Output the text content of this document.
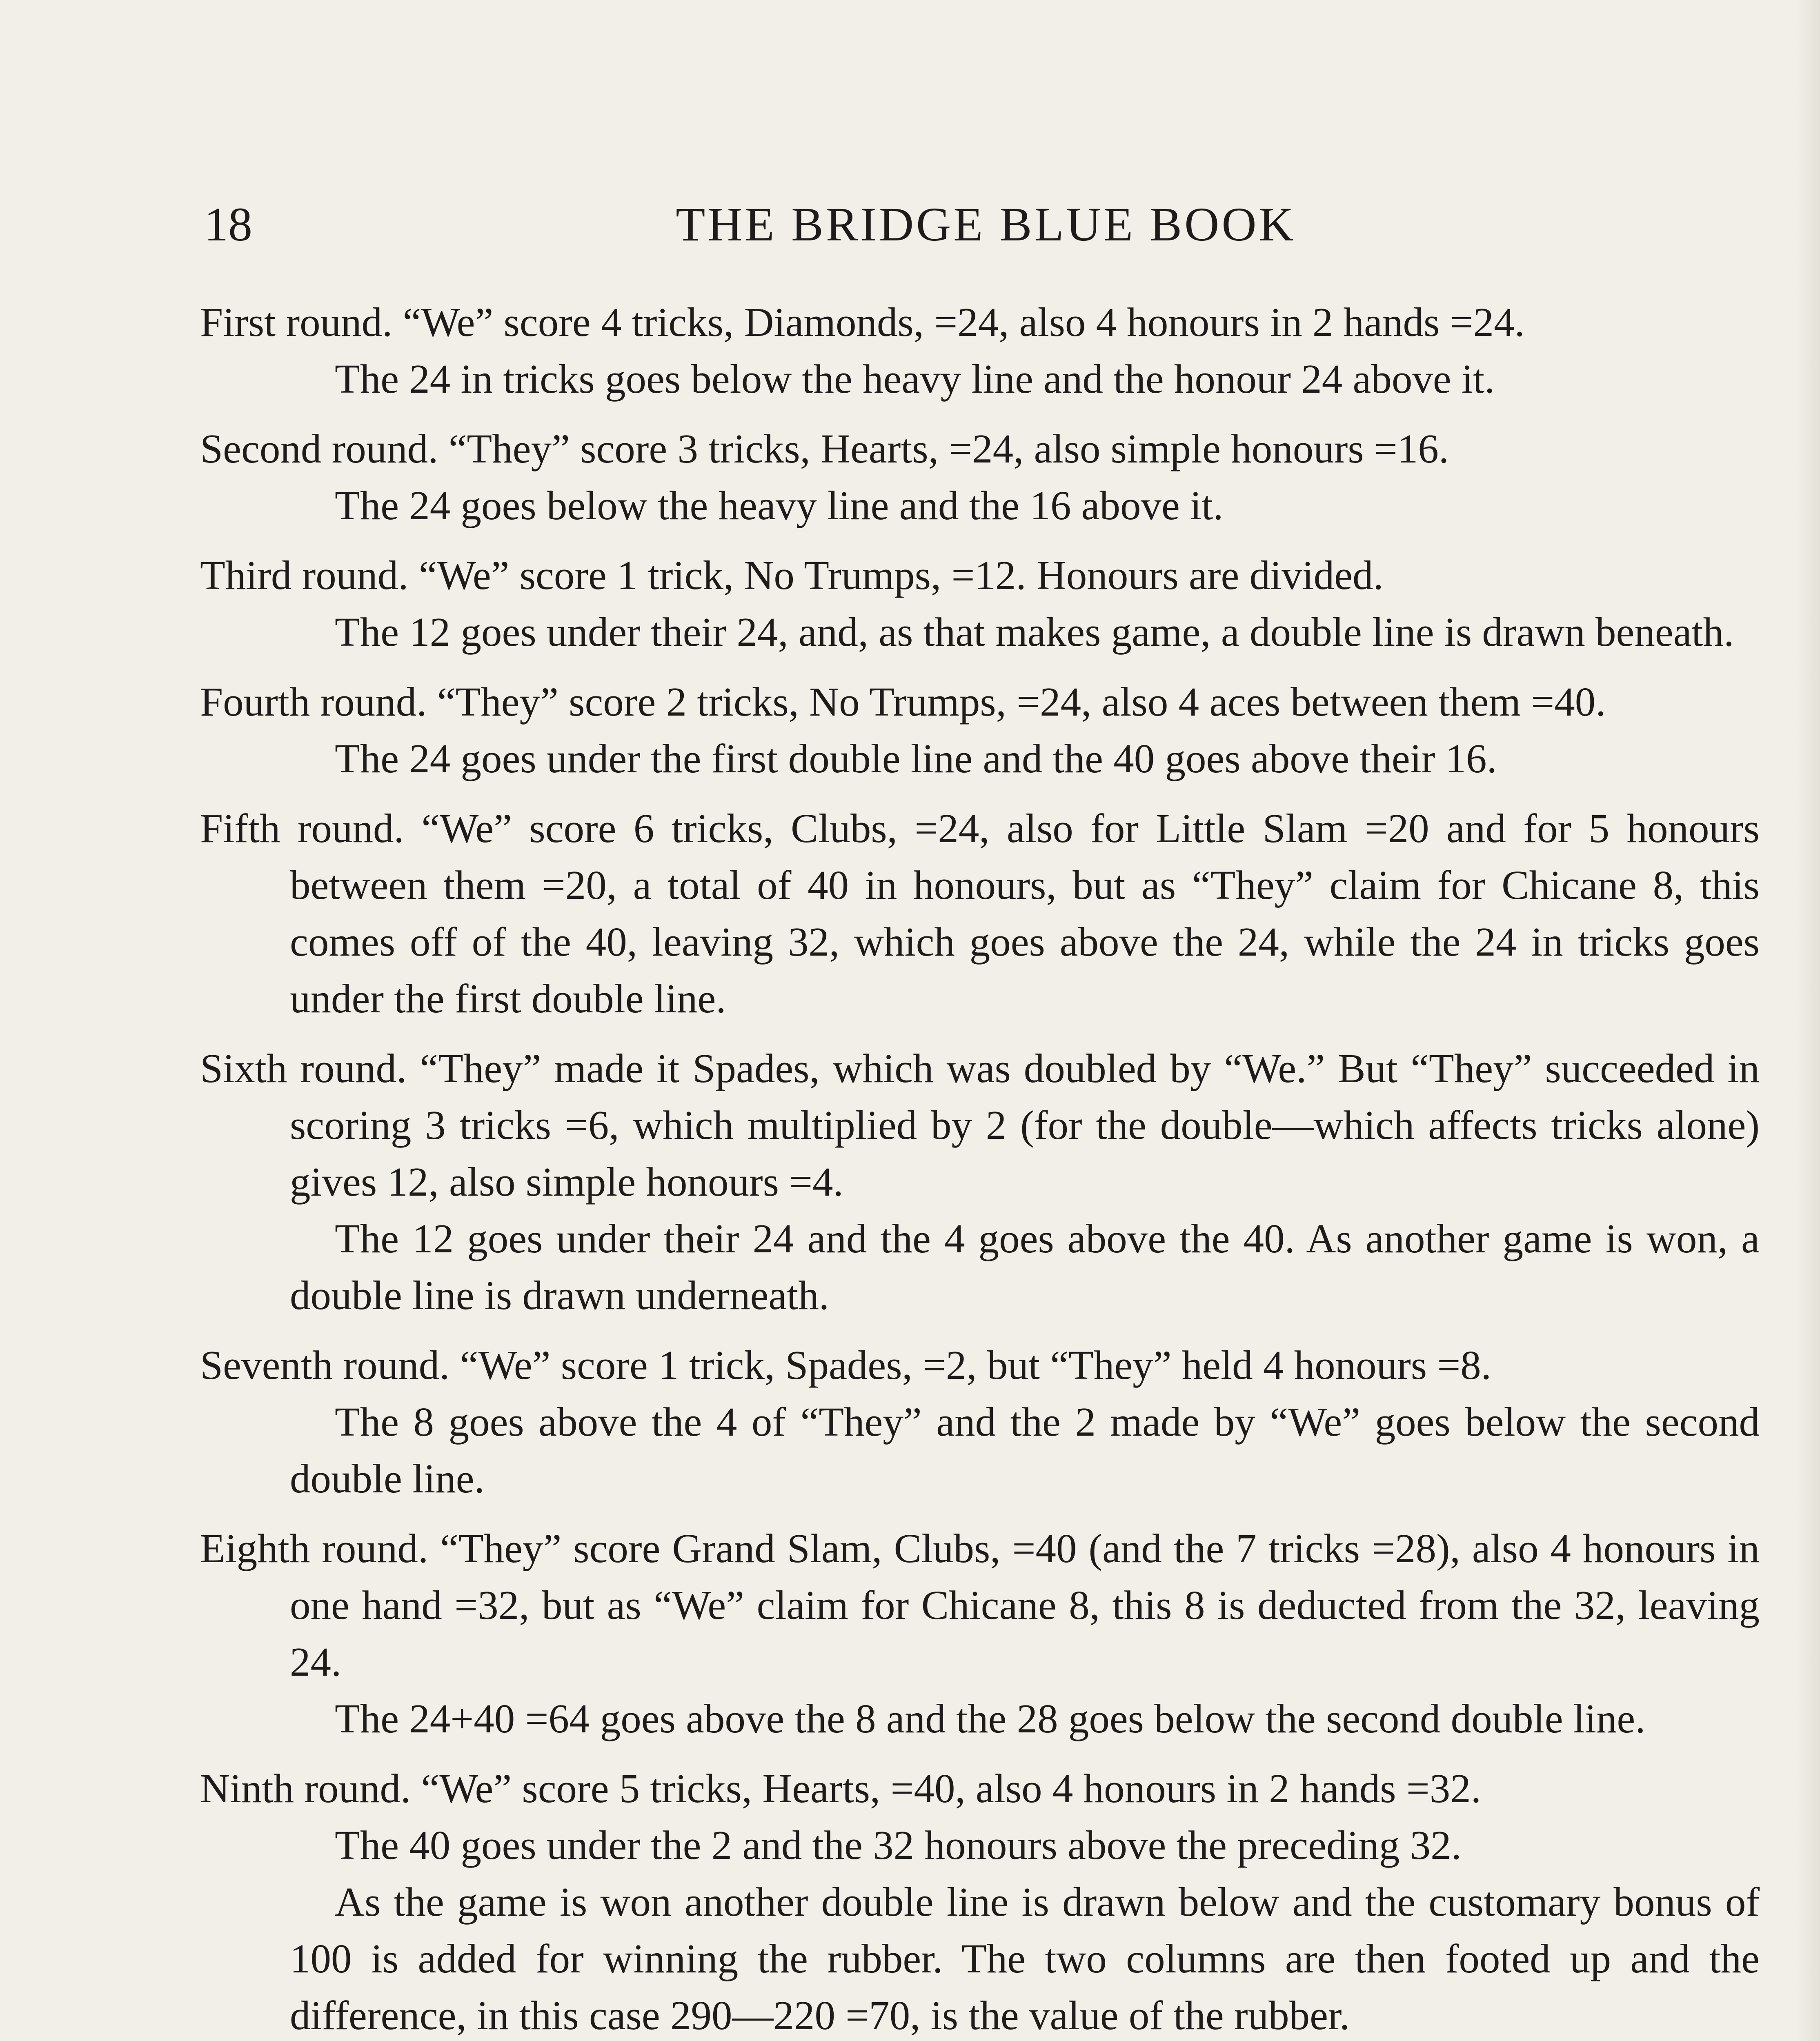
18	THE BRIDGE BLUE BOOK
First round. “We” score 4 tricks, Diamonds, =24, also 4 honours in 2 hands =24.
The 24 in tricks goes below the heavy line and the honour 24 above it.
Second round. “They” score 3 tricks, Hearts, =24, also simple honours =16.
The 24 goes below the heavy line and the 16 above it.
Third round. “We” score 1 trick, No Trumps, =12. Honours are divided.
The 12 goes under their 24, and, as that makes game, a double line is drawn beneath.
Fourth round. “They” score 2 tricks, No Trumps, =24, also 4 aces between them =40.
The 24 goes under the first double line and the 40 goes above their 16.
Fifth round. “We” score 6 tricks, Clubs, =24, also for Little Slam =20 and for 5 honours between them =20, a total of 40 in honours, but as “They” claim for Chicane 8, this comes off of the 40, leaving 32, which goes above the 24, while the 24 in tricks goes under the first double line.
Sixth round. “They” made it Spades, which was doubled by “We.” But “They” succeeded in scoring 3 tricks =6, which multiplied by 2 (for the double—which affects tricks alone) gives 12, also simple honours =4.
The 12 goes under their 24 and the 4 goes above the 40. As another game is won, a double line is drawn underneath.
Seventh round. “We” score 1 trick, Spades, =2, but “They” held 4 honours =8.
The 8 goes above the 4 of “They” and the 2 made by “We” goes below the second double line.
Eighth round. “They” score Grand Slam, Clubs, =40 (and the 7 tricks =28), also 4 honours in one hand =32, but as “We” claim for Chicane 8, this 8 is deducted from the 32, leaving 24.
The 24+40 =64 goes above the 8 and the 28 goes below the second double line.
Ninth round. “We” score 5 tricks, Hearts, =40, also 4 honours in 2 hands =32.
The 40 goes under the 2 and the 32 honours above the preceding 32.
As the game is won another double line is drawn below and the customary bonus of 100 is added for winning the rubber. The two columns are then footed up and the difference, in this case 290—220 =70, is the value of the rubber.
